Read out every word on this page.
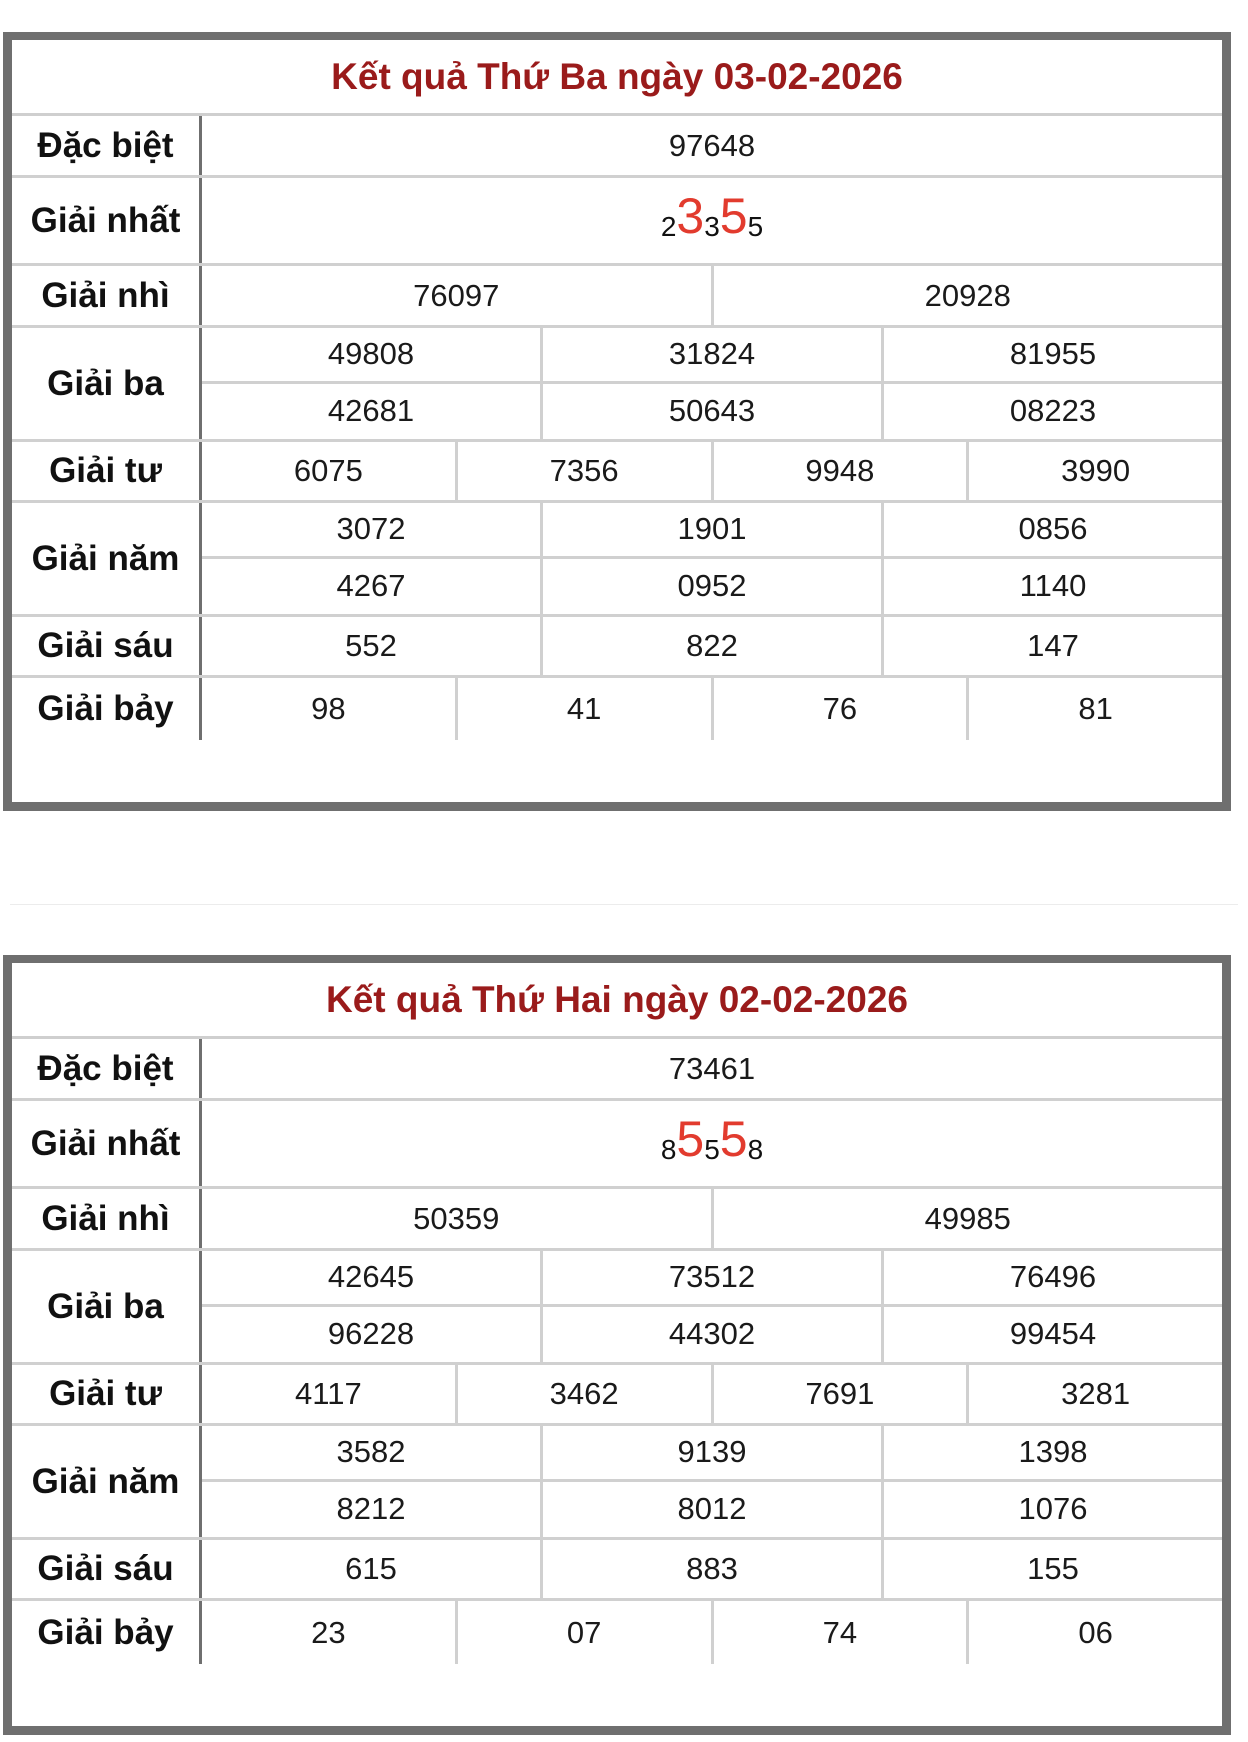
Kết quả Thứ Ba ngày 03-02-2026
Đặc biệt	97648
Giải nhất	2 3 3 5 5
Giải nhì	76097	20928
Giải ba
49808	31824	81955
42681	50643	08223
Giải tư	6075	7356	9948	3990
Giải năm
3072	1901	0856
4267	0952	1140
Giải sáu	552	822	147
Giải bảy	98	41	76	81
Kết quả Thứ Hai ngày 02-02-2026
Đặc biệt	73461
Giải nhất	8 5 5 5 8
Giải nhì	50359	49985
Giải ba
42645	73512	76496
96228	44302	99454
Giải tư	4117	3462	7691	3281
Giải năm
3582	9139	1398
8212	8012	1076
Giải sáu	615	883	155
Giải bảy	23	07	74	06
